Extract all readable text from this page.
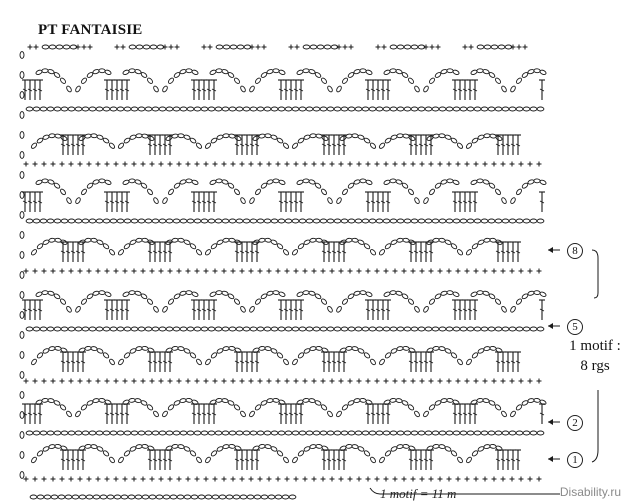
PT FANTAISIE
8
5
2
1
1 motif :
8 rgs
1 motif = 11 m	Disability.ru
